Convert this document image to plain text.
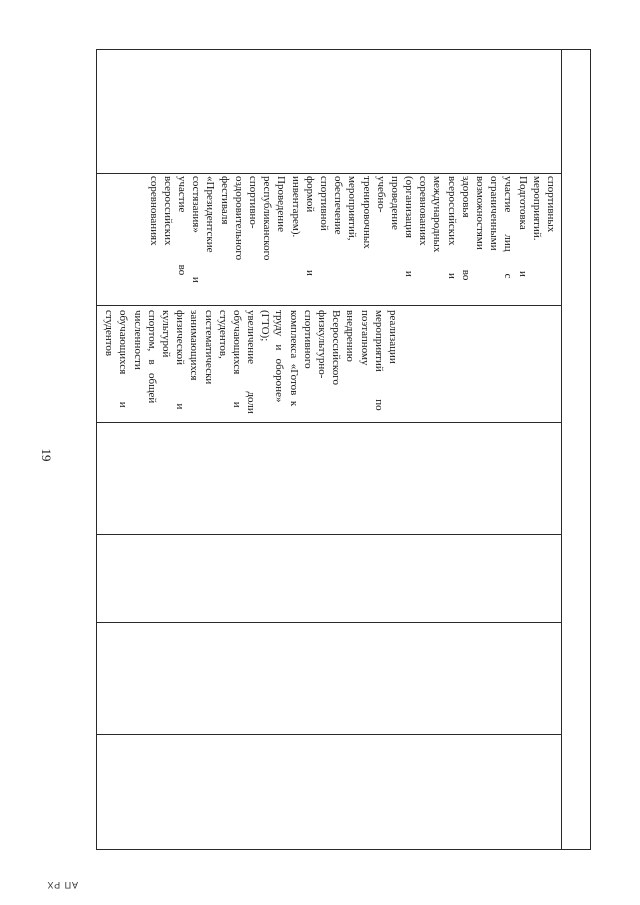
19
реализации
мероприятий          по
поэтапному
внедрению
Всероссийского
физкультурно-
спортивного
комплекса  «Готов  к
труду   и   обороне»
(ГТО);
увеличение          доли
обучающихся          и
студентов,
систематически
занимающихся
физической              и
культурой
спортом,   в   общей
численности
обучающихся          и
студентов
спортивных
мероприятий.
Подготовка               и
участие        лиц        с
ограниченными
возможностями
здоровья                   во
всероссийских          и
международных
соревнованиях
(организация            и
проведение
учебно-
тренировочных
мероприятий,
обеспечение
спортивной
формой                     и
инвентарем).
Проведение
республиканского
спортивно-
оздоровительного
фестиваля
«Президентские
состязания»                и
участие                   во
всероссийских
соревнованиях

АП РХ
